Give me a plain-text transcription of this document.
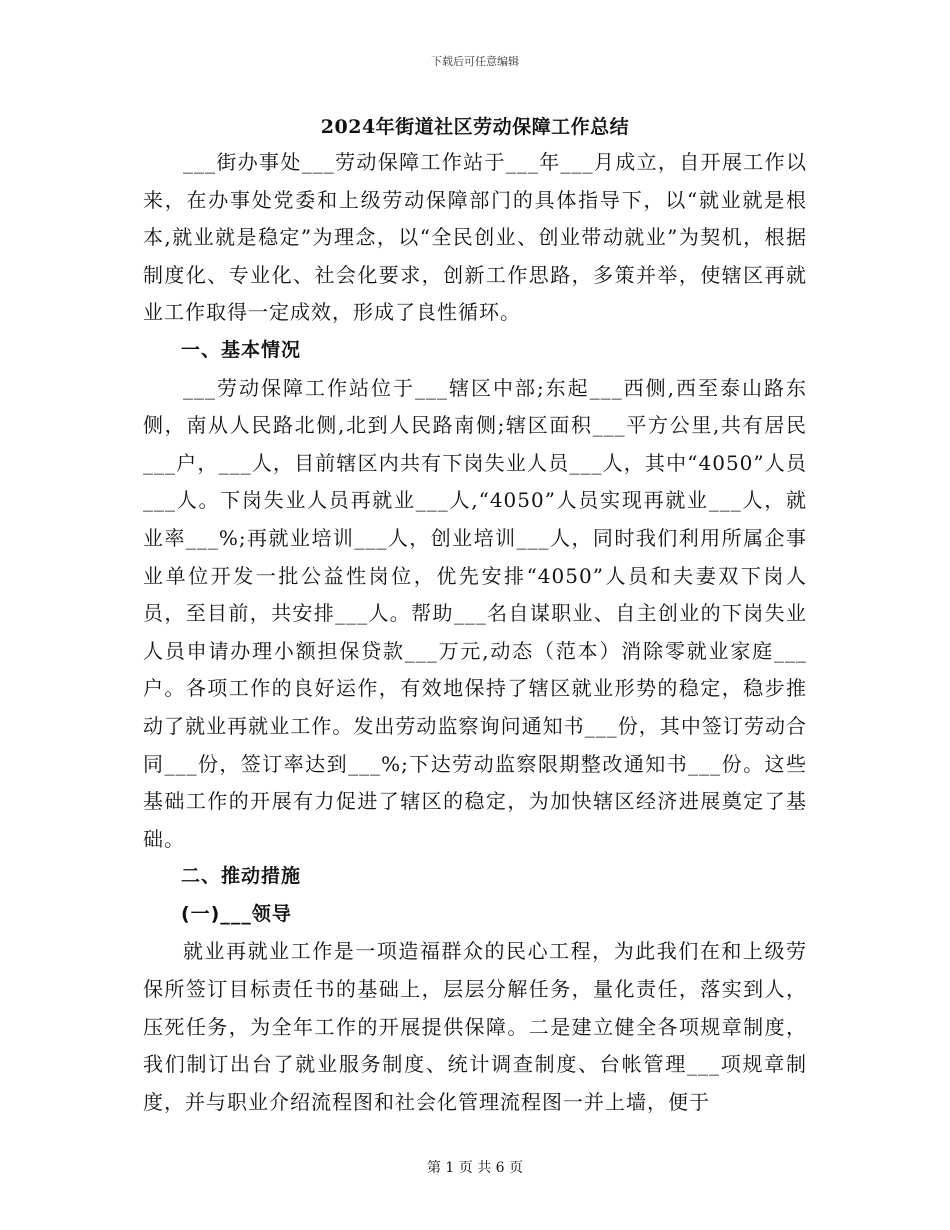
下载后可任意编辑
2024年街道社区劳动保障工作总结

___街办事处___劳动保障工作站于___年___月成立，自开展工作以来，在办事处党委和上级劳动保障部门的具体指导下，以“就业就是根本,就业就是稳定”为理念，以“全民创业、创业带动就业”为契机，根据制度化、专业化、社会化要求，创新工作思路，多策并举，使辖区再就业工作取得一定成效，形成了良性循环。

一、基本情况

___劳动保障工作站位于___辖区中部;东起___西侧,西至泰山路东侧，南从人民路北侧,北到人民路南侧;辖区面积___平方公里,共有居民___户，___人，目前辖区内共有下岗失业人员___人，其中“4050”人员___人。下岗失业人员再就业___人,“4050”人员实现再就业___人，就业率___%;再就业培训___人，创业培训___人，同时我们利用所属企事业单位开发一批公益性岗位，优先安排“4050”人员和夫妻双下岗人员，至目前，共安排___人。帮助___名自谋职业、自主创业的下岗失业人员申请办理小额担保贷款___万元,动态（范本）消除零就业家庭___户。各项工作的良好运作，有效地保持了辖区就业形势的稳定，稳步推动了就业再就业工作。发出劳动监察询问通知书___份，其中签订劳动合同___份，签订率达到___%;下达劳动监察限期整改通知书___份。这些基础工作的开展有力促进了辖区的稳定，为加快辖区经济进展奠定了基础。

二、推动措施

(一)___领导

就业再就业工作是一项造福群众的民心工程，为此我们在和上级劳保所签订目标责任书的基础上，层层分解任务，量化责任，落实到人，压死任务，为全年工作的开展提供保障。二是建立健全各项规章制度，我们制订出台了就业服务制度、统计调查制度、台帐管理___项规章制度，并与职业介绍流程图和社会化管理流程图一并上墙，便于

第 1 页 共 6 页
